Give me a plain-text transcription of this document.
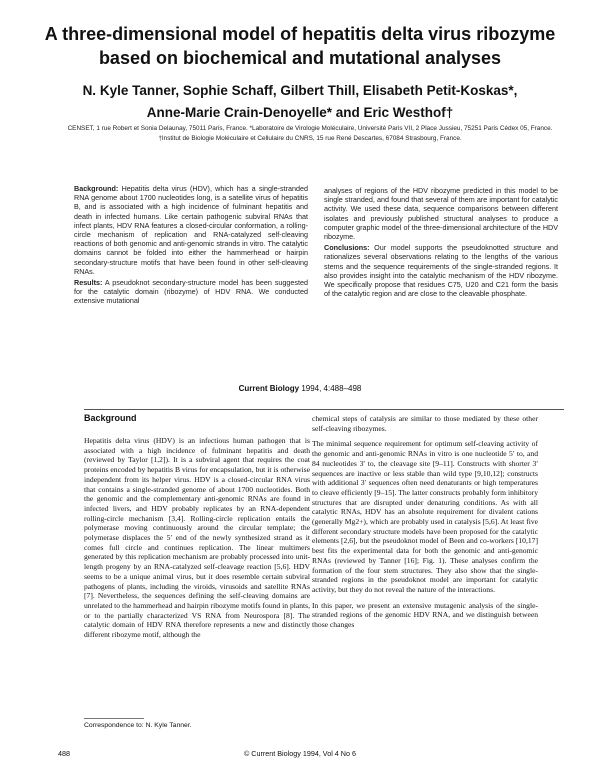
A three-dimensional model of hepatitis delta virus ribozyme based on biochemical and mutational analyses
N. Kyle Tanner, Sophie Schaff, Gilbert Thill, Elisabeth Petit-Koskas*,
Anne-Marie Crain-Denoyelle* and Eric Westhof†
CENSET, 1 rue Robert et Sonia Delaunay, 75011 Paris, France. *Laboratoire de Virologie Moléculaire, Université Paris VII, 2 Place Jussieu, 75251 Paris Cédex 05, France. †Institut de Biologie Moléculaire et Cellulaire du CNRS, 15 rue René Descartes, 67084 Strasbourg, France.

Background: Hepatitis delta virus (HDV), which has a single-stranded RNA genome about 1700 nucleotides long, is a satellite virus of hepatitis B, and is associated with a high incidence of fulminant hepatitis and death in infected humans. Like certain pathogenic subviral RNAs that infect plants, HDV RNA features a closed-circular conformation, a rolling-circle mechanism of replication and RNA-catalyzed self-cleaving reactions of both genomic and anti-genomic strands in vitro. The catalytic domains cannot be folded into either the hammerhead or hairpin secondary-structure motifs that have been found in other self-cleaving RNAs.

Results: A pseudoknot secondary-structure model has been suggested for the catalytic domain (ribozyme) of HDV RNA. We conducted extensive mutational

analyses of regions of the HDV ribozyme predicted in this model to be single stranded, and found that several of them are important for catalytic activity. We used these data, sequence comparisons between different isolates and previously published structural analyses to produce a computer graphic model of the three-dimensional architecture of the HDV ribozyme.

Conclusions: Our model supports the pseudoknotted structure and rationalizes several observations relating to the lengths of the various stems and the sequence requirements of the single-stranded regions. It also provides insight into the catalytic mechanism of the HDV ribozyme. We specifically propose that residues C75, U20 and C21 form the basis of the catalytic region and are close to the cleavable phosphate.

Current Biology 1994, 4:488–498
Background

Hepatitis delta virus (HDV) is an infectious human pathogen that is associated with a high incidence of fulminant hepatitis and death (reviewed by Taylor [1,2]). It is a subviral agent that requires the coat proteins encoded by hepatitis B virus for encapsulation, but it is otherwise independent from its helper virus. HDV is a closed-circular RNA virus that contains a single-stranded genome of about 1700 nucleotides. Both the genomic and the complementary anti-genomic RNAs are found in infected livers, and HDV probably replicates by an RNA-dependent rolling-circle mechanism [3,4]. Rolling-circle replication entails the polymerase moving continuously around the circular template; the polymerase displaces the 5′ end of the newly synthesized strand as it comes full circle and continues replication. The linear multimers generated by this replication mechanism are probably processed into unit-length progeny by an RNA-catalyzed self-cleavage reaction [5,6]. HDV seems to be a unique animal virus, but it does resemble certain subviral pathogens of plants, including the viroids, virusoids and satellite RNAs [7]. Nevertheless, the sequences defining the self-cleaving domains are unrelated to the hammerhead and hairpin ribozyme motifs found in plants, or to the partially characterized VS RNA from Neurospora [8]. The catalytic domain of HDV RNA therefore represents a new and distinctly different ribozyme motif, although the

chemical steps of catalysis are similar to those mediated by these other self-cleaving ribozymes.

The minimal sequence requirement for optimum self-cleaving activity of the genomic and anti-genomic RNAs in vitro is one nucleotide 5′ to, and 84 nucleotides 3′ to, the cleavage site [9–11]. Constructs with shorter 3′ sequences are inactive or less stable than wild type [9,10,12]; constructs with additional 3′ sequences often need denaturants or high temperatures to cleave efficiently [9–15]. The latter constructs probably form inhibitory structures that are disrupted under denaturing conditions. As with all catalytic RNAs, HDV has an absolute requirement for divalent cations (generally Mg2+), which are probably used in catalysis [5,6]. At least five different secondary structure models have been proposed for the catalytic elements [2,6], but the pseudoknot model of Been and co-workers [10,17] best fits the experimental data for both the genomic and anti-genomic RNAs (reviewed by Tanner [16]; Fig. 1). These analyses confirm the formation of the four stem structures. They also show that the single-stranded regions in the pseudoknot model are important for catalytic activity, but they do not reveal the nature of the interactions.

In this paper, we present an extensive mutagenic analysis of the single-stranded regions of the genomic HDV RNA, and we distinguish between those changes

Correspondence to: N. Kyle Tanner.
488	© Current Biology 1994, Vol 4 No 6
